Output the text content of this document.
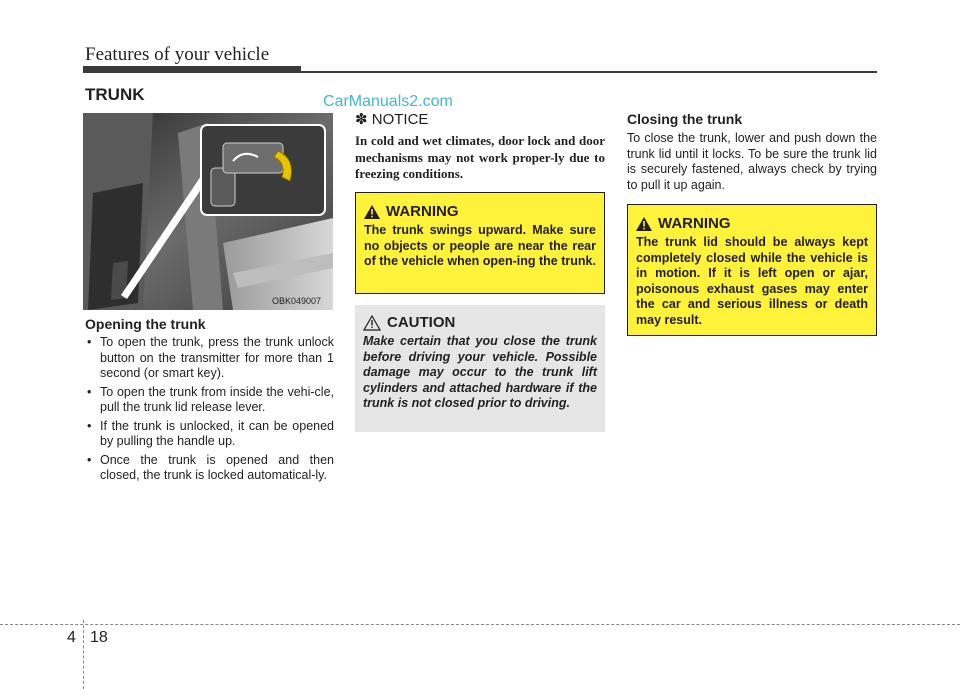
Features of your vehicle
TRUNK	CarManuals2.com
OBK049007
Opening the trunk
• To open the trunk, press the trunk unlock button on the transmitter for more than 1 second (or smart key).
• To open the trunk from inside the vehi-cle, pull the trunk lid release lever.
• If the trunk is unlocked, it can be opened by pulling the handle up.
• Once the trunk is opened and then closed, the trunk is locked automatical-ly.
✽ NOTICE
In cold and wet climates, door lock and door mechanisms may not work proper-ly due to freezing conditions.
WARNING
The trunk swings upward. Make sure no objects or people are near the rear of the vehicle when open-ing the trunk.
CAUTION
Make certain that you close the trunk before driving your vehicle. Possible damage may occur to the trunk lift cylinders and attached hardware if the trunk is not closed prior to driving.
Closing the trunk
To close the trunk, lower and push down the trunk lid until it locks. To be sure the trunk lid is securely fastened, always check by trying to pull it up again.
WARNING
The trunk lid should be always kept completely closed while the vehicle is in motion. If it is left open or ajar, poisonous exhaust gases may enter the car and serious illness or death may result.
4 18
